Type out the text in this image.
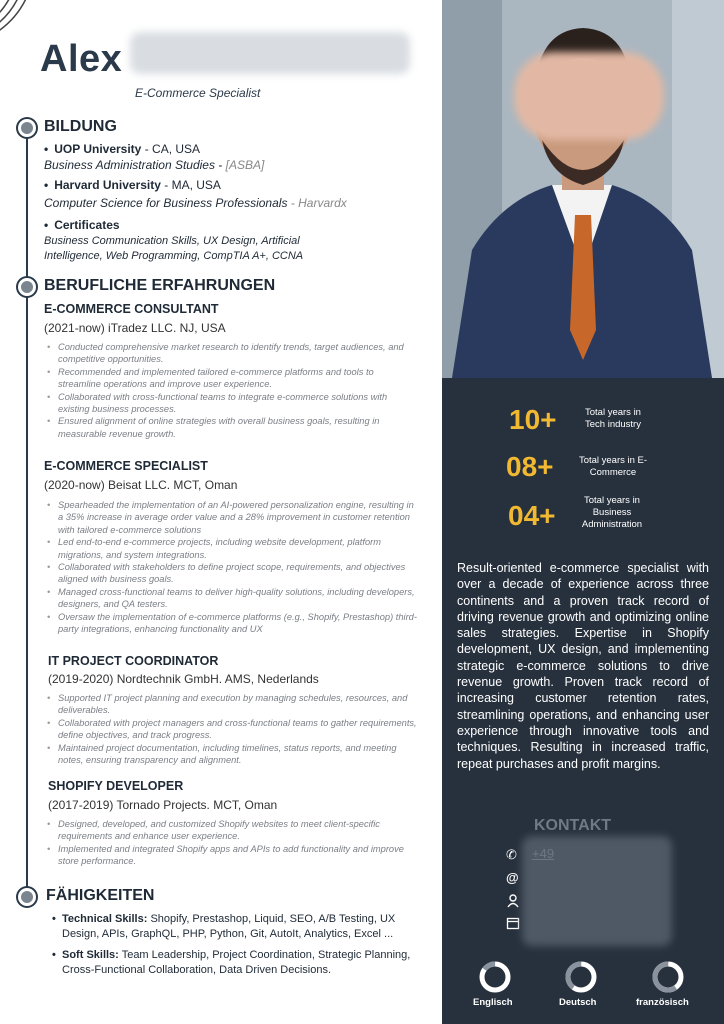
Alex
E-Commerce Specialist
BILDUNG
• UOP University - CA, USA
Business Administration Studies - [ASBA]
• Harvard University - MA, USA
Computer Science for Business Professionals - Harvardx
• Certificates
Business Communication Skills, UX Design, Artificial Intelligence, Web Programming, CompTIA A+, CCNA
BERUFLICHE ERFAHRUNGEN
E-COMMERCE CONSULTANT
(2021-now) iTradez LLC. NJ, USA
• Conducted comprehensive market research to identify trends, target audiences, and competitive opportunities.
• Recommended and implemented tailored e-commerce platforms and tools to streamline operations and improve user experience.
• Collaborated with cross-functional teams to integrate e-commerce solutions with existing business processes.
• Ensured alignment of online strategies with overall business goals, resulting in measurable revenue growth.
E-COMMERCE SPECIALIST
(2020-now) Beisat LLC. MCT, Oman
• Spearheaded the implementation of an AI-powered personalization engine, resulting in a 35% increase in average order value and a 28% improvement in customer retention with tailored e-commerce solutions
• Led end-to-end e-commerce projects, including website development, platform migrations, and system integrations.
• Collaborated with stakeholders to define project scope, requirements, and objectives aligned with business goals.
• Managed cross-functional teams to deliver high-quality solutions, including developers, designers, and QA testers.
• Oversaw the implementation of e-commerce platforms (e.g., Shopify, Prestashop) third-party integrations, enhancing functionality and UX
IT PROJECT COORDINATOR
(2019-2020) Nordtechnik GmbH. AMS, Nederlands
• Supported IT project planning and execution by managing schedules, resources, and deliverables.
• Collaborated with project managers and cross-functional teams to gather requirements, define objectives, and track progress.
• Maintained project documentation, including timelines, status reports, and meeting notes, ensuring transparency and alignment.
SHOPIFY DEVELOPER
(2017-2019) Tornado Projects. MCT, Oman
• Designed, developed, and customized Shopify websites to meet client-specific requirements and enhance user experience.
• Implemented and integrated Shopify apps and APIs to add functionality and improve store performance.
FÄHIGKEITEN
• Technical Skills: Shopify, Prestashop, Liquid, SEO, A/B Testing, UX Design, APIs, GraphQL, PHP, Python, Git, AutoIt, Analytics, Excel ...
• Soft Skills: Team Leadership, Project Coordination, Strategic Planning, Cross-Functional Collaboration, Data Driven Decisions.
10+	Total years in Tech industry
08+	Total years in E-Commerce
04+	Total years in Business Administration
Result-oriented e-commerce specialist with over a decade of experience across three continents and a proven track record of driving revenue growth and optimizing online sales strategies. Expertise in Shopify development, UX design, and implementing strategic e-commerce solutions to drive revenue growth. Proven track record of increasing customer retention rates, streamlining operations, and enhancing user experience through innovative tools and techniques. Resulting in increased traffic, repeat purchases and profit margins.
KONTAKT
✆
@
Englisch	Deutsch	französisch
